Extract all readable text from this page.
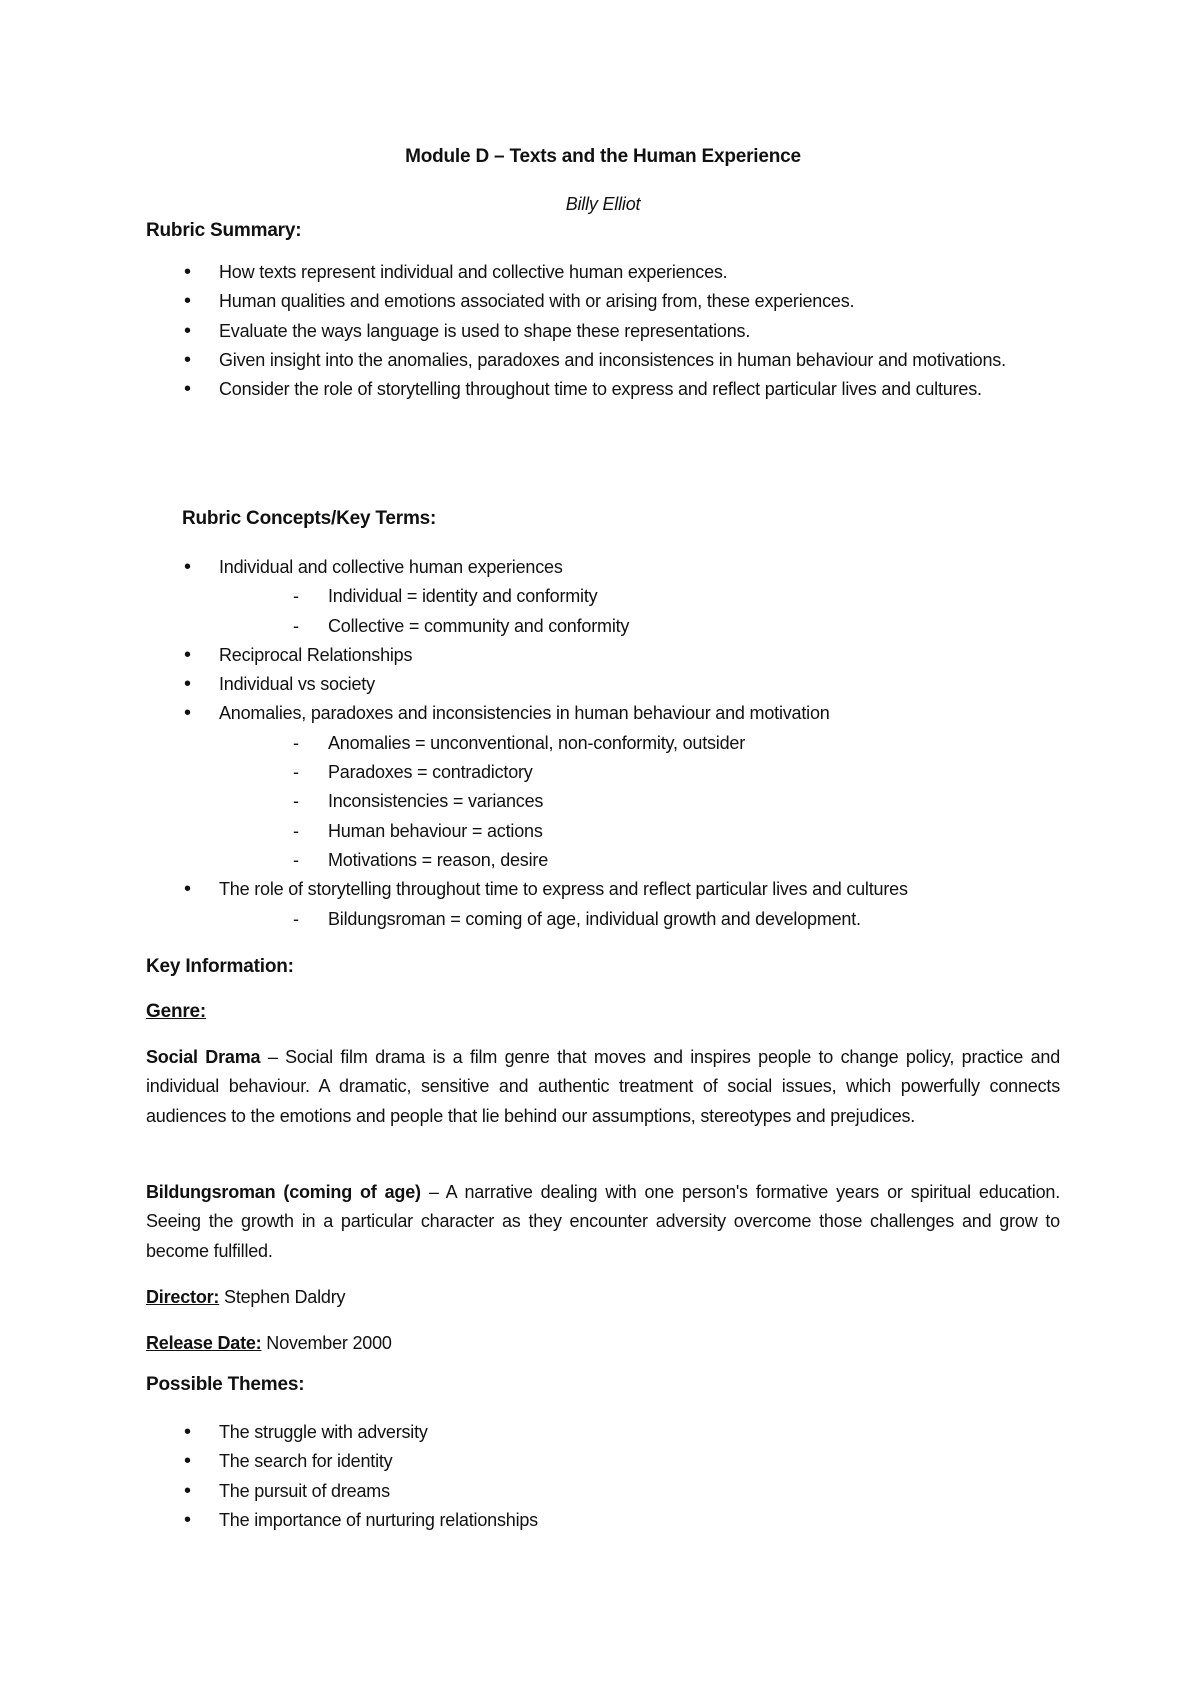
Module D – Texts and the Human Experience
Billy Elliot
Rubric Summary:
• How texts represent individual and collective human experiences.
• Human qualities and emotions associated with or arising from, these experiences.
• Evaluate the ways language is used to shape these representations.
• Given insight into the anomalies, paradoxes and inconsistences in human behaviour and motivations.
• Consider the role of storytelling throughout time to express and reflect particular lives and cultures.
Rubric Concepts/Key Terms:
• Individual and collective human experiences
- Individual = identity and conformity
- Collective = community and conformity
• Reciprocal Relationships
• Individual vs society
• Anomalies, paradoxes and inconsistencies in human behaviour and motivation
- Anomalies = unconventional, non-conformity, outsider
- Paradoxes = contradictory
- Inconsistencies = variances
- Human behaviour = actions
- Motivations = reason, desire
• The role of storytelling throughout time to express and reflect particular lives and cultures
- Bildungsroman = coming of age, individual growth and development.
Key Information:
Genre:

Social Drama – Social film drama is a film genre that moves and inspires people to change policy, practice and individual behaviour. A dramatic, sensitive and authentic treatment of social issues, which powerfully connects audiences to the emotions and people that lie behind our assumptions, stereotypes and prejudices.

Bildungsroman (coming of age) – A narrative dealing with one person's formative years or spiritual education. Seeing the growth in a particular character as they encounter adversity overcome those challenges and grow to become fulfilled.

Director: Stephen Daldry

Release Date: November 2000

Possible Themes:
• The struggle with adversity
• The search for identity
• The pursuit of dreams
• The importance of nurturing relationships
